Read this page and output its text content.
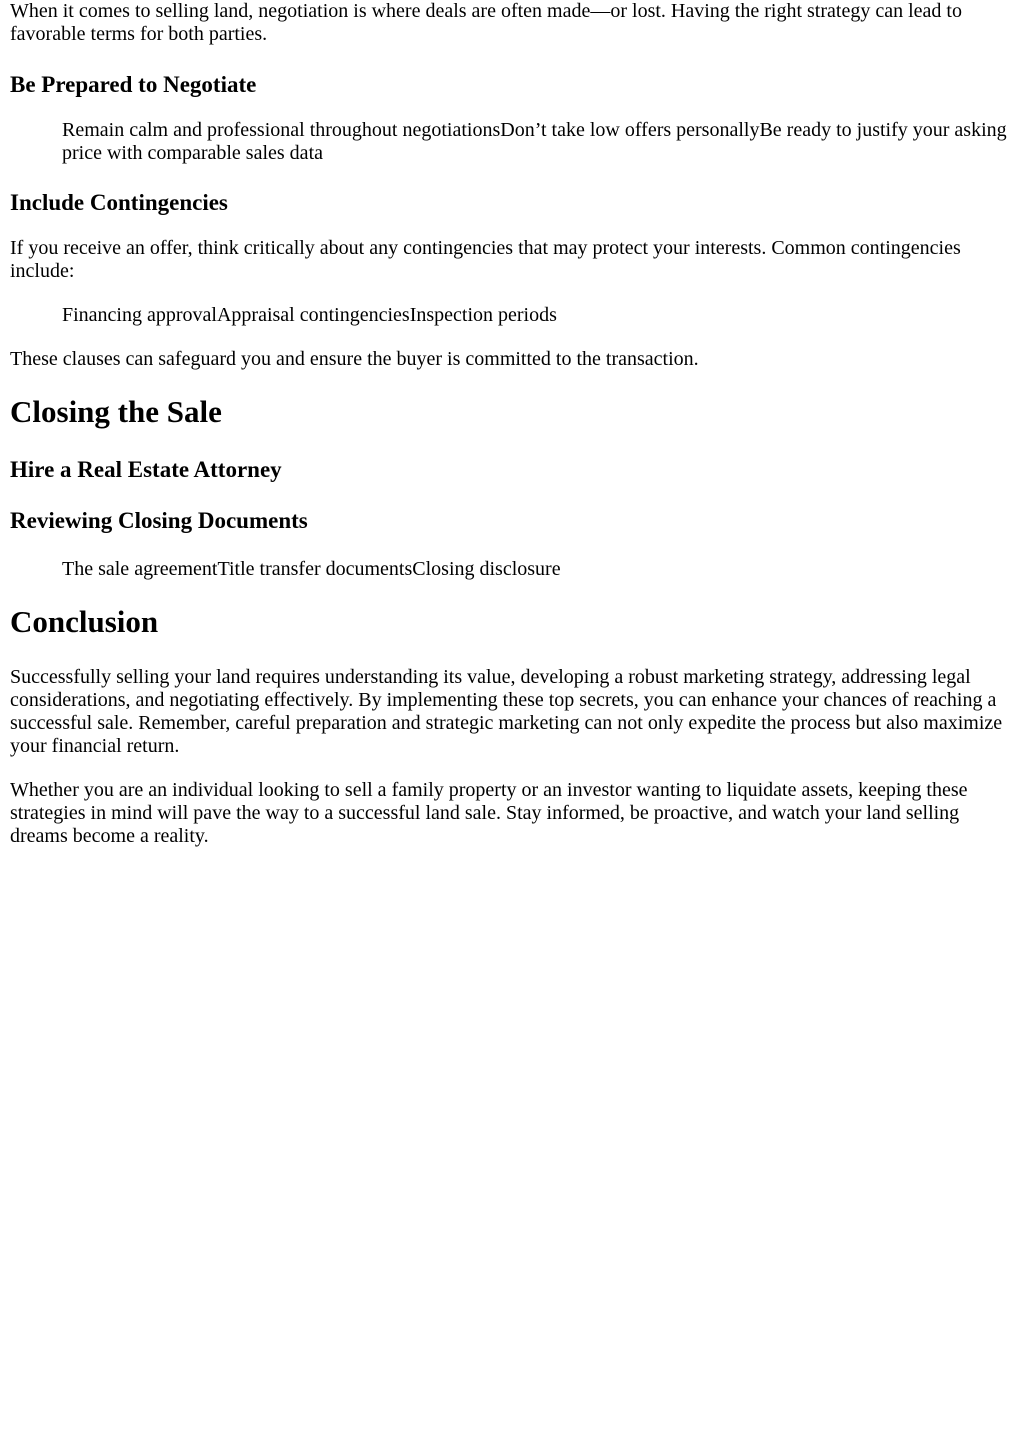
When it comes to selling land, negotiation is where deals are often made—or lost. Having the right strategy can lead to favorable terms for both parties.

Be Prepared to Negotiate

Remain calm and professional throughout negotiationsDon’t take low offers personallyBe ready to justify your asking price with comparable sales data

Include Contingencies

If you receive an offer, think critically about any contingencies that may protect your interests. Common contingencies include:

Financing approvalAppraisal contingenciesInspection periods

These clauses can safeguard you and ensure the buyer is committed to the transaction.

Closing the Sale
Hire a Real Estate Attorney
Reviewing Closing Documents

The sale agreementTitle transfer documentsClosing disclosure

Conclusion

Successfully selling your land requires understanding its value, developing a robust marketing strategy, addressing legal considerations, and negotiating effectively. By implementing these top secrets, you can enhance your chances of reaching a successful sale. Remember, careful preparation and strategic marketing can not only expedite the process but also maximize your financial return.

Whether you are an individual looking to sell a family property or an investor wanting to liquidate assets, keeping these strategies in mind will pave the way to a successful land sale. Stay informed, be proactive, and watch your land selling dreams become a reality.
